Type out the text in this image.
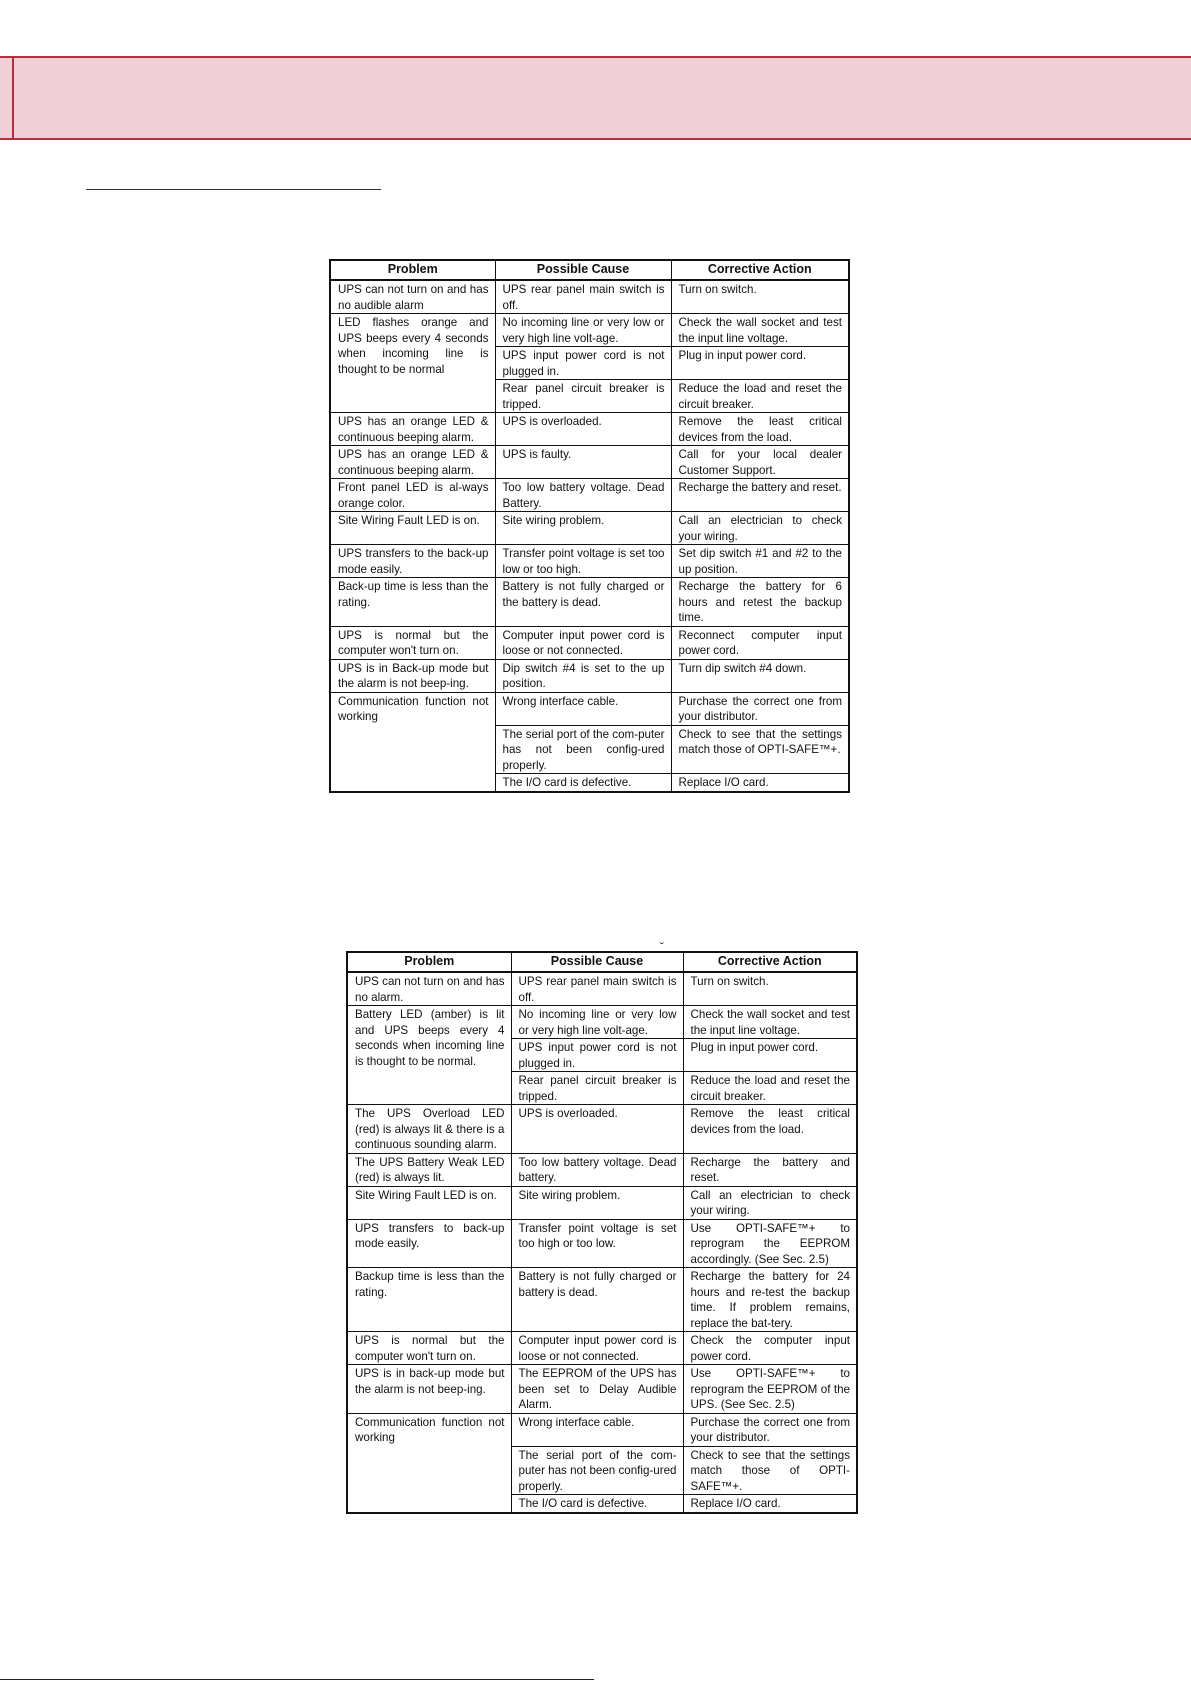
Problem	Possible Cause	Corrective Action
UPS can not turn on and has no audible alarm	UPS rear panel main switch is off.	Turn on switch.
LED flashes orange and UPS beeps every 4 seconds when incoming line is thought to be normal	No incoming line or very low or very high line volt-age.	Check the wall socket and test the input line voltage.
	UPS input power cord is not plugged in.	Plug in input power cord.
	Rear panel circuit breaker is tripped.	Reduce the load and reset the circuit breaker.
UPS has an orange LED & continuous beeping alarm.	UPS is overloaded.	Remove the least critical devices from the load.
UPS has an orange LED & continuous beeping alarm.	UPS is faulty.	Call for your local dealer Customer Support.
Front panel LED is al-ways orange color.	Too low battery voltage. Dead Battery.	Recharge the battery and reset.
Site Wiring Fault LED is on.	Site wiring problem.	Call an electrician to check your wiring.
UPS transfers to the back-up mode easily.	Transfer point voltage is set too low or too high.	Set dip switch #1 and #2 to the up position.
Back-up time is less than the rating.	Battery is not fully charged or the battery is dead.	Recharge the battery for 6 hours and retest the backup time.
UPS is normal but the computer won't turn on.	Computer input power cord is loose or not connected.	Reconnect computer input power cord.
UPS is in Back-up mode but the alarm is not beep-ing.	Dip switch #4 is set to the up position.	Turn dip switch #4 down.
Communication function not working	Wrong interface cable.	Purchase the correct one from your distributor.
	The serial port of the com-puter has not been config-ured properly.	Check to see that the settings match those of OPTI-SAFE™+.
	The I/O card is defective.	Replace I/O card.
˘
Problem	Possible Cause	Corrective Action
UPS can not turn on and has no alarm.	UPS rear panel main switch is off.	Turn on switch.
Battery LED (amber) is lit and UPS beeps every 4 seconds when incoming line is thought to be normal.	No incoming line or very low or very high line volt-age.	Check the wall socket and test the input line voltage.
	UPS input power cord is not plugged in.	Plug in input power cord.
	Rear panel circuit breaker is tripped.	Reduce the load and reset the circuit breaker.
The UPS Overload LED (red) is always lit & there is a continuous sounding alarm.	UPS is overloaded.	Remove the least critical devices from the load.
The UPS Battery Weak LED (red) is always lit.	Too low battery voltage. Dead battery.	Recharge the battery and reset.
Site Wiring Fault LED is on.	Site wiring problem.	Call an electrician to check your wiring.
UPS transfers to back-up mode easily.	Transfer point voltage is set too high or too low.	Use OPTI-SAFE™+ to reprogram the EEPROM accordingly. (See Sec. 2.5)
Backup time is less than the rating.	Battery is not fully charged or battery is dead.	Recharge the battery for 24 hours and re-test the backup time. If problem remains, replace the bat-tery.
UPS is normal but the computer won't turn on.	Computer input power cord is loose or not connected.	Check the computer input power cord.
UPS is in back-up mode but the alarm is not beep-ing.	The EEPROM of the UPS has been set to Delay Audible Alarm.	Use OPTI-SAFE™+ to reprogram the EEPROM of the UPS. (See Sec. 2.5)
Communication function not working	Wrong interface cable.	Purchase the correct one from your distributor.
	The serial port of the com-puter has not been config-ured properly.	Check to see that the settings match those of OPTI-SAFE™+.
	The I/O card is defective.	Replace I/O card.
